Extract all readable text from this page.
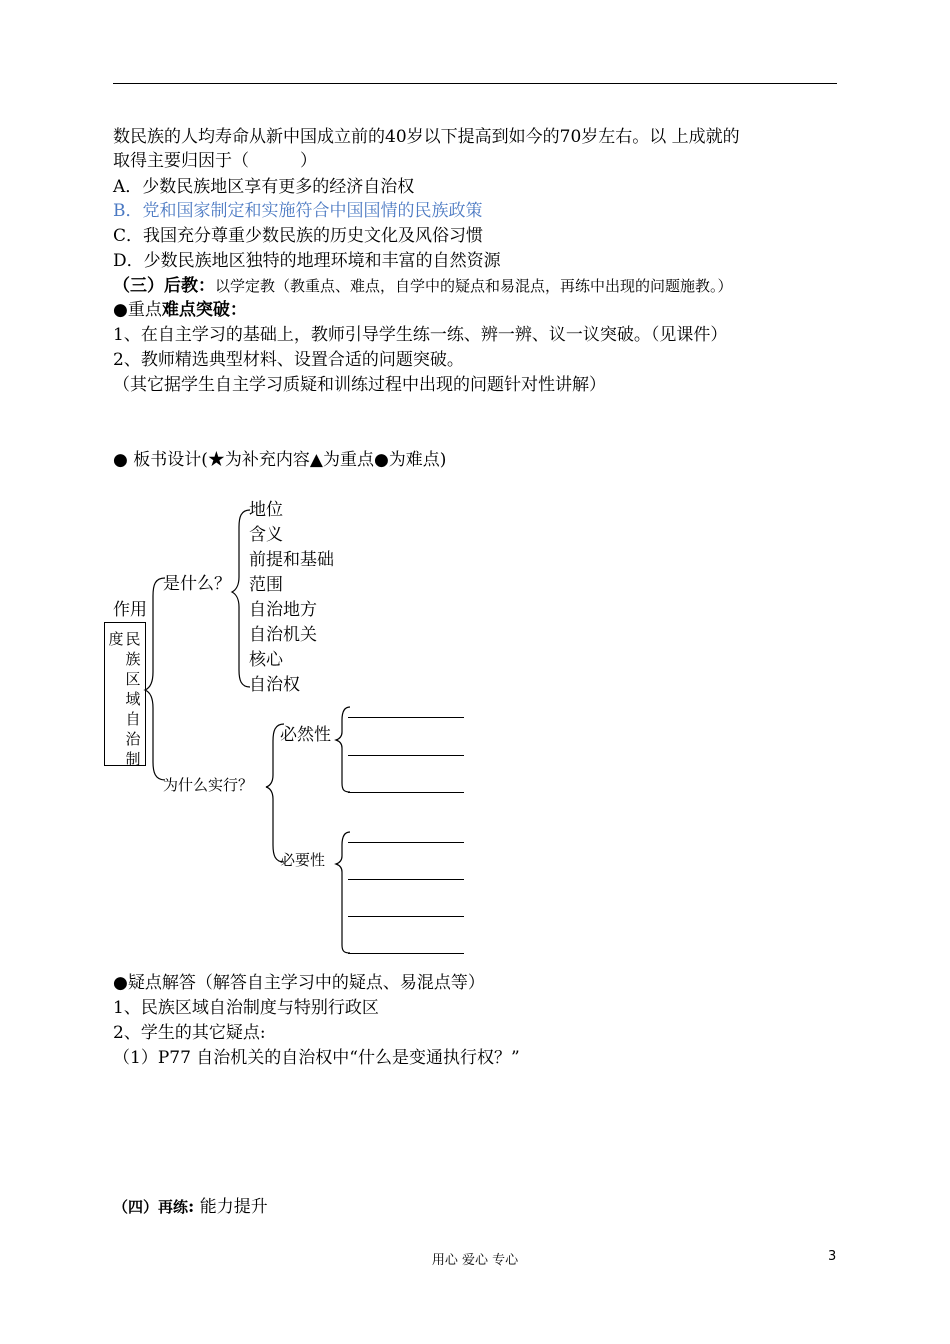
数民族的人均寿命从新中国成立前的40岁以下提高到如今的70岁左右。以 上成就的
取得主要归因于（　　　）
A．少数民族地区享有更多的经济自治权
B．党和国家制定和实施符合中国国情的民族政策
C．我国充分尊重少数民族的历史文化及风俗习惯
D．少数民族地区独特的地理环境和丰富的自然资源
（三）后教：以学定教（教重点、难点，自学中的疑点和易混点，再练中出现的问题施教。）
●重点难点突破：
1、在自主学习的基础上，教师引导学生练一练、辨一辨、议一议突破。（见课件）
2、教师精选典型材料、设置合适的问题突破。
（其它据学生自主学习质疑和训练过程中出现的问题针对性讲解）
● 板书设计(★为补充内容▲为重点●为难点)
作用
度 民族区域自治制
是什么？
地位
含义
前提和基础
范围
自治地方
自治机关
核心
自治权
为什么实行？
必然性
必要性
●疑点解答（解答自主学习中的疑点、易混点等）
1、民族区域自治制度与特别行政区
2、学生的其它疑点:
（1）P77 自治机关的自治权中“什么是变通执行权？”
（四）再练: 能力提升
用心 爱心 专心	3
